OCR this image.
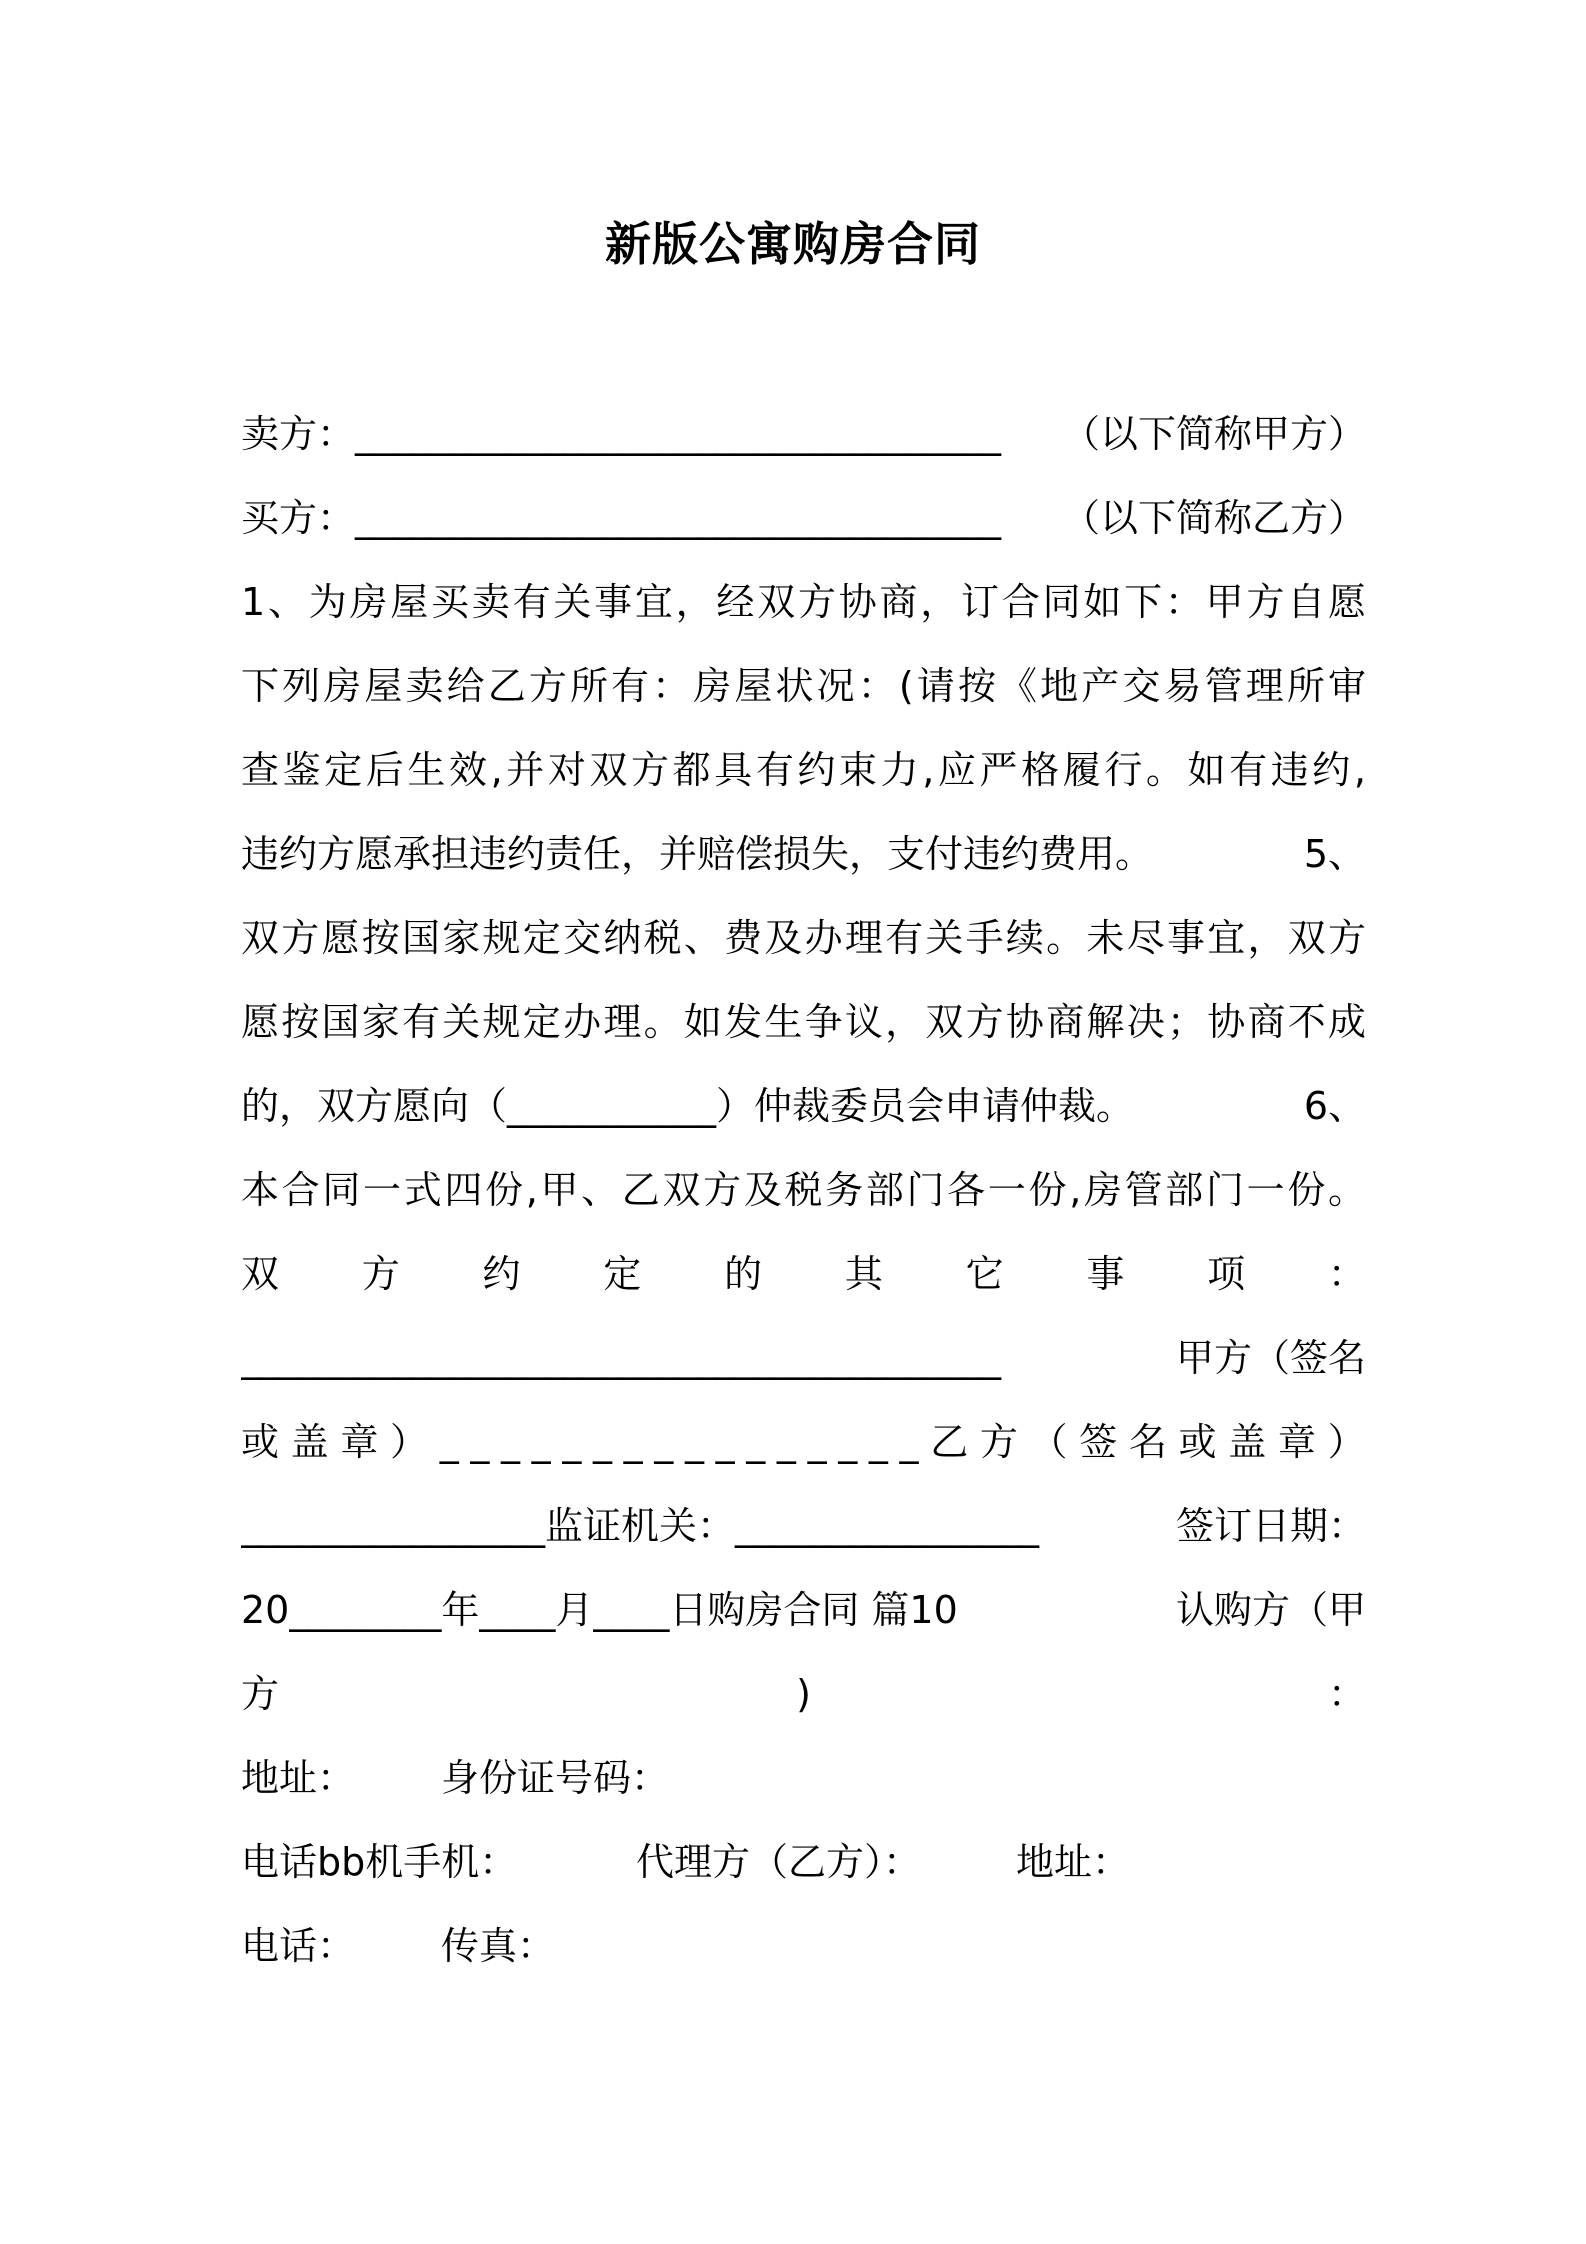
新版公寓购房合同
卖方：__________________________________ （以下简称甲方）
买方：__________________________________ （以下简称乙方）
1、为房屋买卖有关事宜，经双方协商，订合同如下：甲方自愿
下列房屋卖给乙方所有：房屋状况：(请按《地产交易管理所审
查鉴定后生效,并对双方都具有约束力,应严格履行。如有违约,
违约方愿承担违约责任，并赔偿损失，支付违约费用。	5、
双方愿按国家规定交纳税、费及办理有关手续。未尽事宜，双方
愿按国家有关规定办理。如发生争议，双方协商解决；协商不成
的，双方愿向（___________）仲裁委员会申请仲裁。	6、
本合同一式四份,甲、乙双方及税务部门各一份,房管部门一份。
双 方 约 定 的 其 它 事 项 ：
________________________________________	甲方（签名
或 盖 章 ） _ _ _ _ _ _ _ _ _ _ _ _ _ _ _ _ 乙 方 （ 签 名 或 盖 章 ）
________________监证机关：________________	签订日期：
20________年____月____日购房合同 篇10	认购方（甲
方)：
地址： 身份证号码：
电话bb机手机：	代理方（乙方）： 地址：
电话： 传真：
